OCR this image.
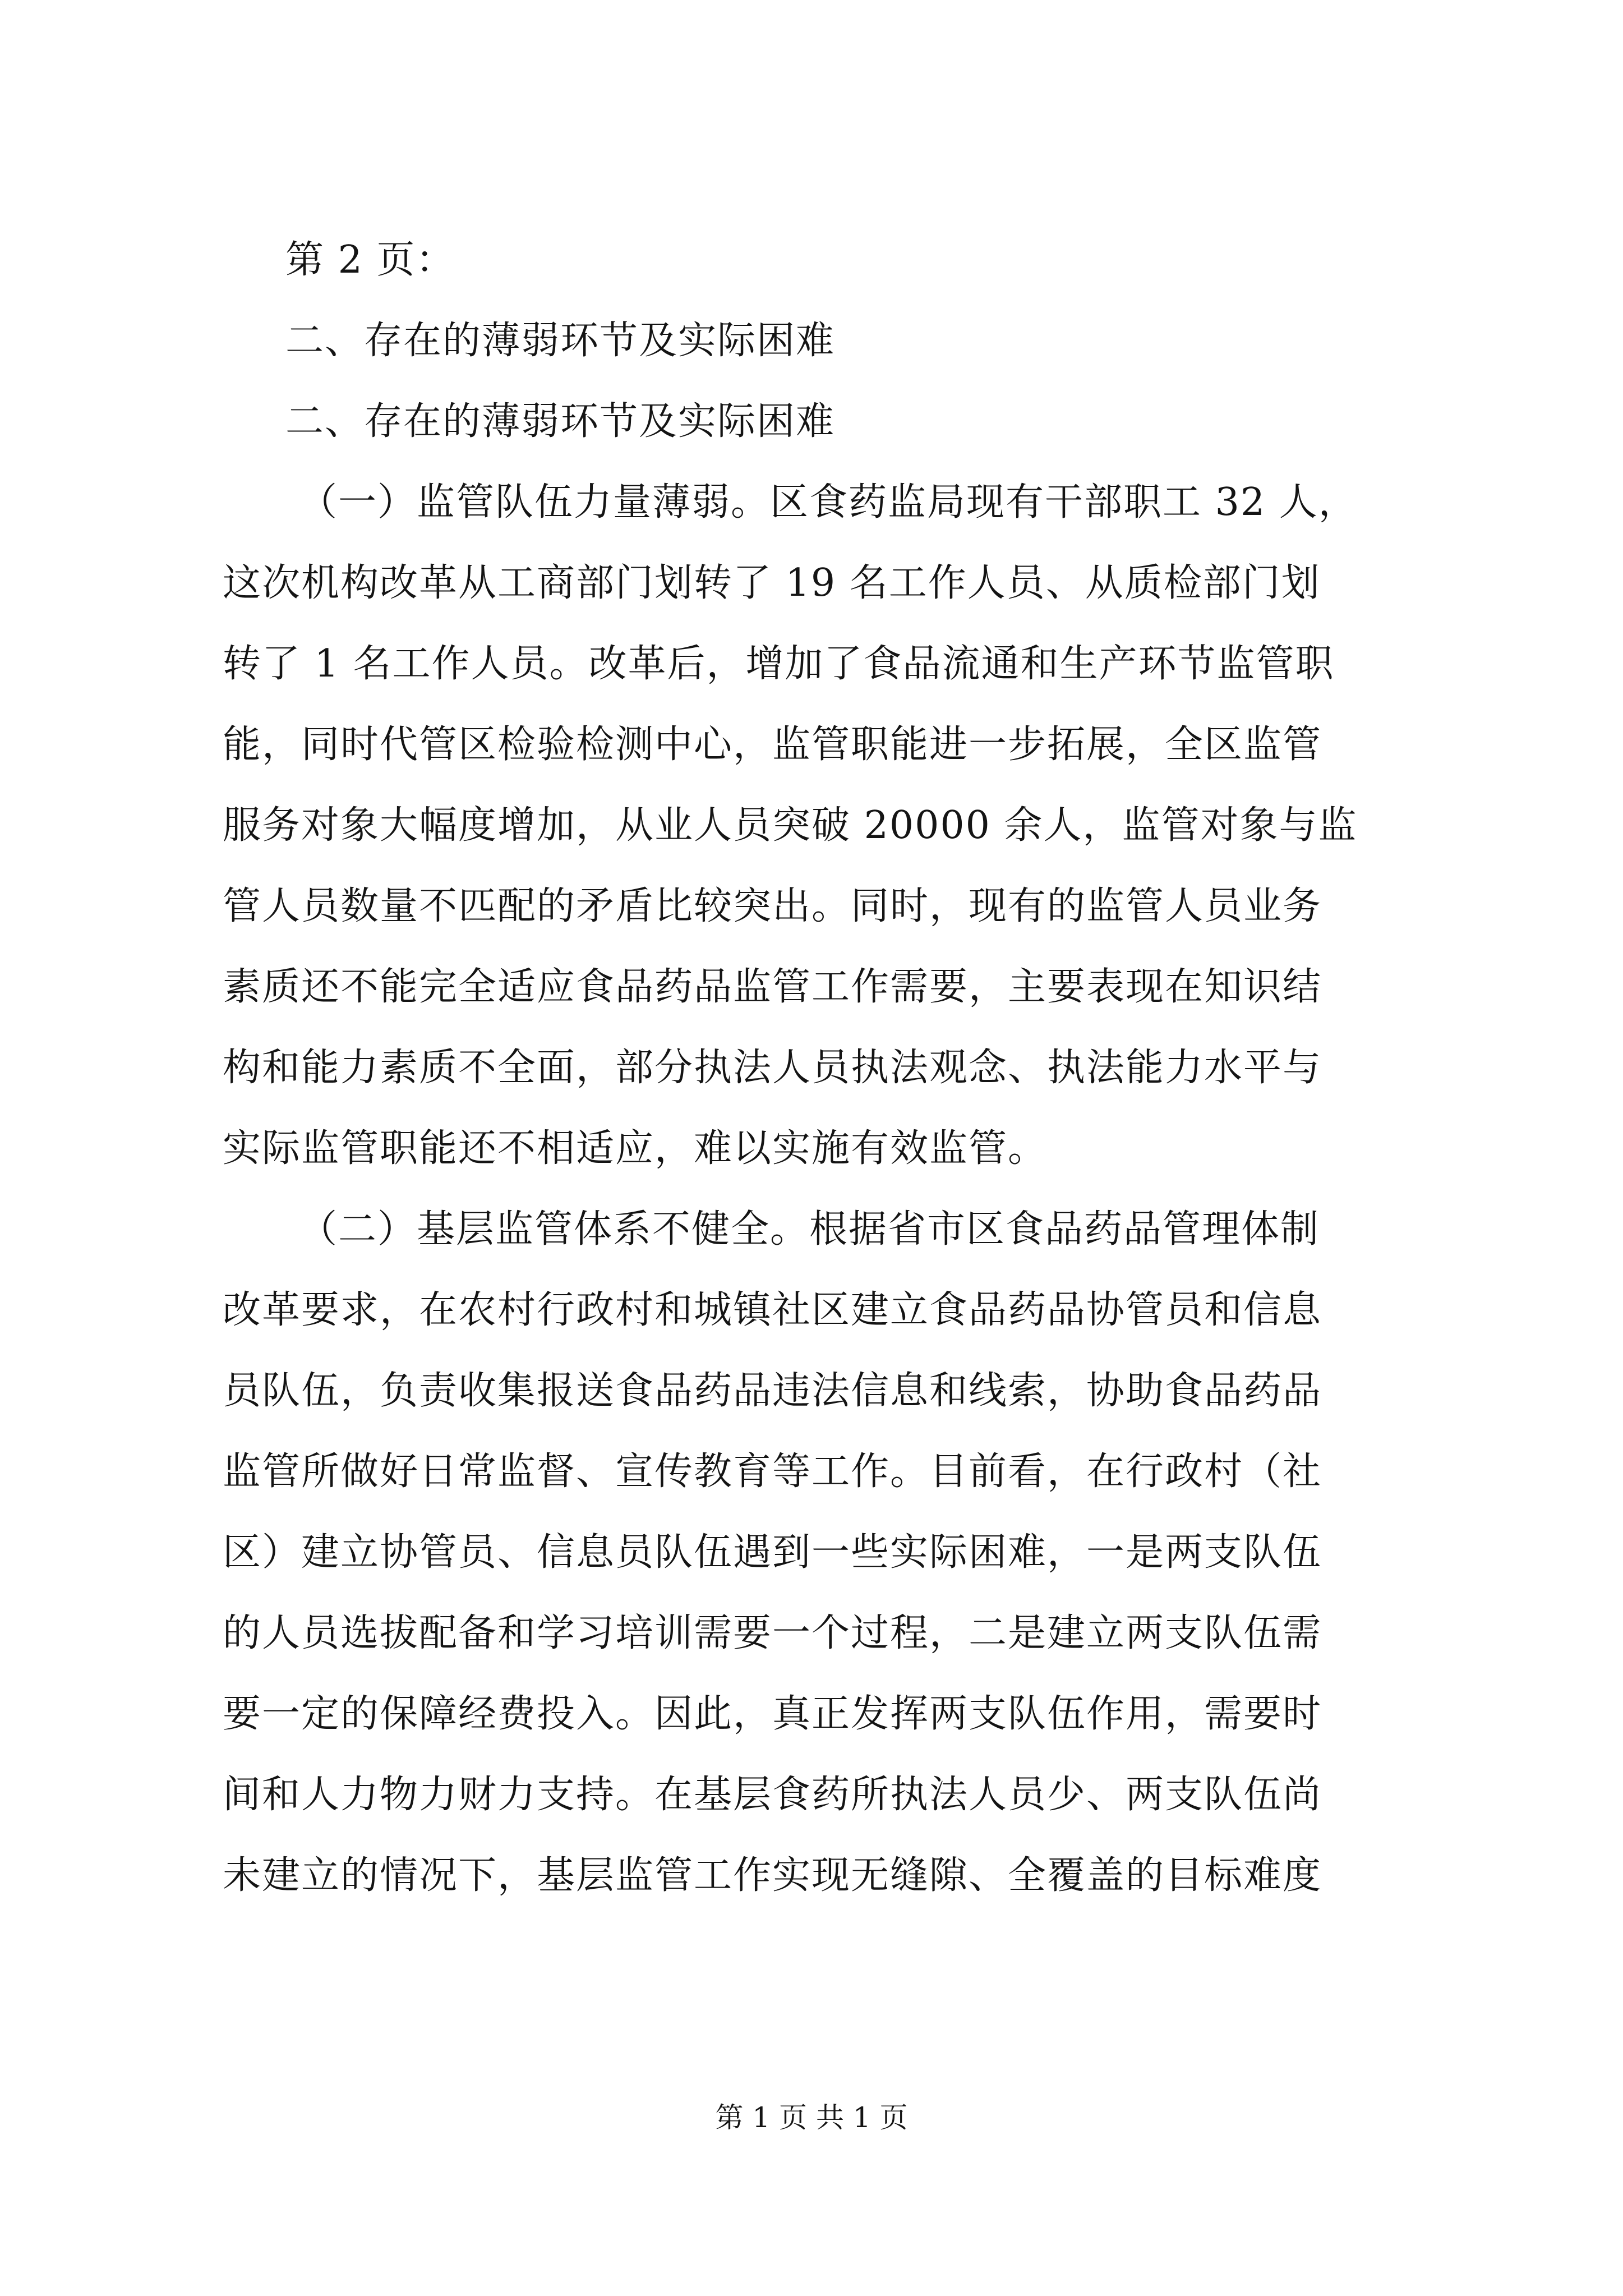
第 2 页：

二、存在的薄弱环节及实际困难

二、存在的薄弱环节及实际困难

（一）监管队伍力量薄弱。区食药监局现有干部职工 32 人，

这次机构改革从工商部门划转了 19 名工作人员、从质检部门划

转了 1 名工作人员。改革后，增加了食品流通和生产环节监管职

能，同时代管区检验检测中心，监管职能进一步拓展，全区监管

服务对象大幅度增加，从业人员突破 20000 余人，监管对象与监

管人员数量不匹配的矛盾比较突出。同时，现有的监管人员业务

素质还不能完全适应食品药品监管工作需要，主要表现在知识结

构和能力素质不全面，部分执法人员执法观念、执法能力水平与

实际监管职能还不相适应，难以实施有效监管。

（二）基层监管体系不健全。根据省市区食品药品管理体制

改革要求，在农村行政村和城镇社区建立食品药品协管员和信息

员队伍，负责收集报送食品药品违法信息和线索，协助食品药品

监管所做好日常监督、宣传教育等工作。目前看，在行政村（社

区）建立协管员、信息员队伍遇到一些实际困难，一是两支队伍

的人员选拔配备和学习培训需要一个过程，二是建立两支队伍需

要一定的保障经费投入。因此，真正发挥两支队伍作用，需要时

间和人力物力财力支持。在基层食药所执法人员少、两支队伍尚

未建立的情况下，基层监管工作实现无缝隙、全覆盖的目标难度

第 1 页 共 1 页
